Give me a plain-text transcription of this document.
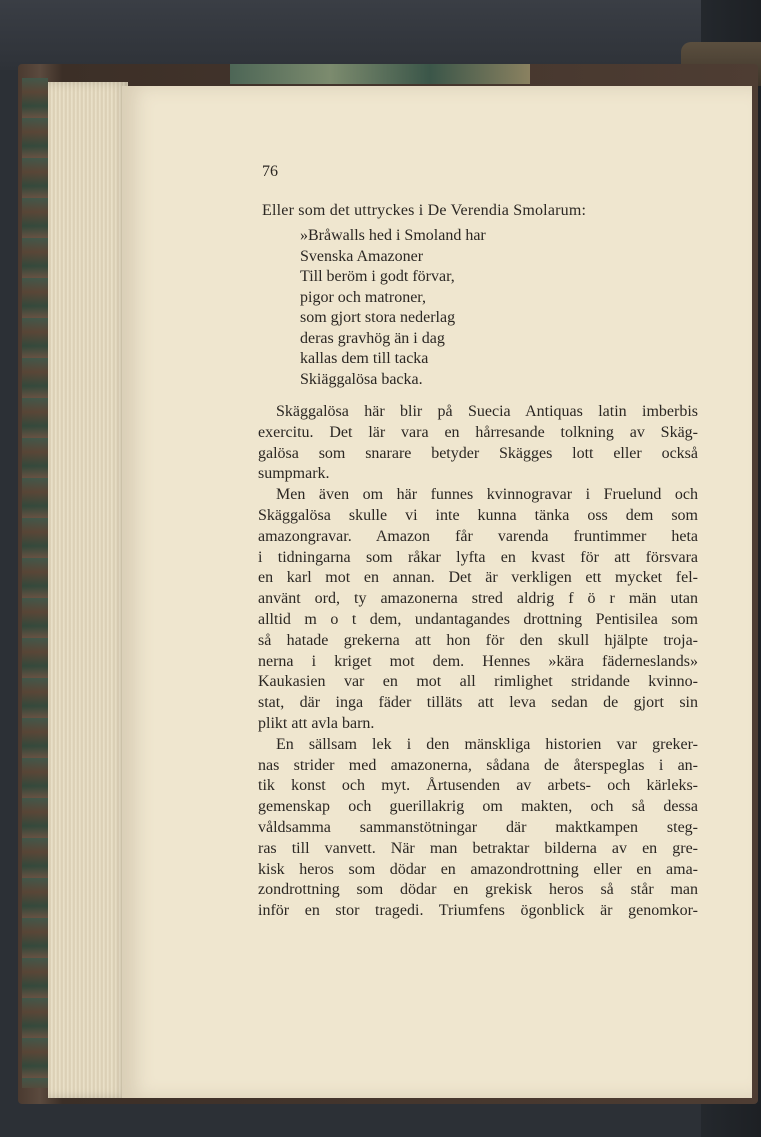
76
Eller som det uttryckes i De Verendia Smolarum:
»Bråwalls hed i Smoland har
Svenska Amazoner
Till beröm i godt förvar,
pigor och matroner,
som gjort stora nederlag
deras gravhög än i dag
kallas dem till tacka
Skiäggalösa backa.
Skäggalösa här blir på Suecia Antiquas latin imberbis
exercitu. Det lär vara en hårresande tolkning av Skäg-
galösa som snarare betyder Skägges lott eller också
sumpmark.
Men även om här funnes kvinnogravar i Fruelund och
Skäggalösa skulle vi inte kunna tänka oss dem som
amazongravar. Amazon får varenda fruntimmer heta
i tidningarna som råkar lyfta en kvast för att försvara
en karl mot en annan. Det är verkligen ett mycket fel-
använt ord, ty amazonerna stred aldrig f ö r män utan
alltid m o t dem, undantagandes drottning Pentisilea som
så hatade grekerna att hon för den skull hjälpte troja-
nerna i kriget mot dem. Hennes »kära fäderneslands»
Kaukasien var en mot all rimlighet stridande kvinno-
stat, där inga fäder tilläts att leva sedan de gjort sin
plikt att avla barn.
En sällsam lek i den mänskliga historien var greker-
nas strider med amazonerna, sådana de återspeglas i an-
tik konst och myt. Årtusenden av arbets- och kärleks-
gemenskap och guerillakrig om makten, och så dessa
våldsamma sammanstötningar där maktkampen steg-
ras till vanvett. När man betraktar bilderna av en gre-
kisk heros som dödar en amazondrottning eller en ama-
zondrottning som dödar en grekisk heros så står man
inför en stor tragedi. Triumfens ögonblick är genomkor-
